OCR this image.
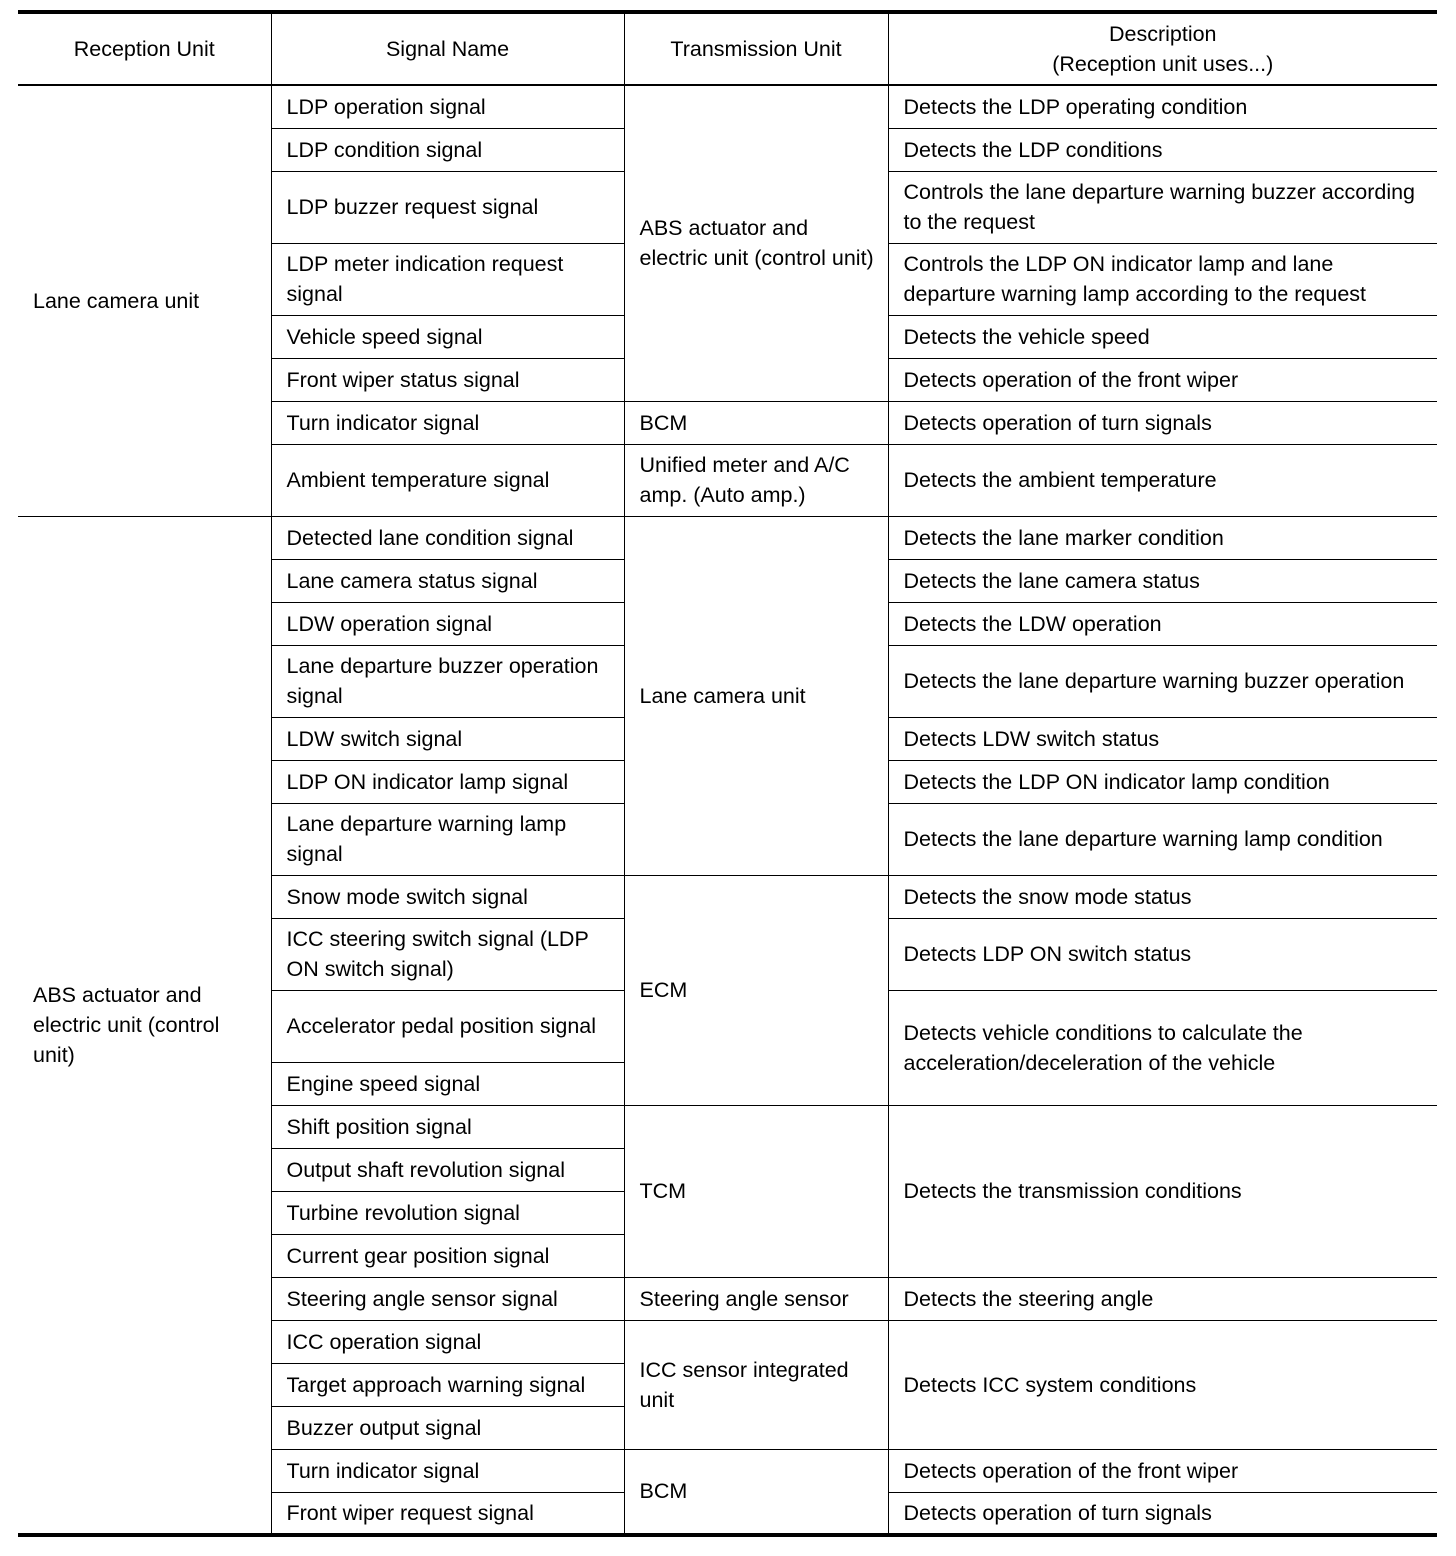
Reception Unit	Signal Name	Transmission Unit	Description
(Reception unit uses...)

Lane camera unit	LDP operation signal	ABS actuator and electric unit (control unit)	Detects the LDP operating condition
	LDP condition signal		Detects the LDP conditions
	LDP buzzer request signal		Controls the lane departure warning buzzer according to the request
	LDP meter indication request signal		Controls the LDP ON indicator lamp and lane departure warning lamp according to the request
	Vehicle speed signal		Detects the vehicle speed
	Front wiper status signal		Detects operation of the front wiper
	Turn indicator signal	BCM	Detects operation of turn signals
	Ambient temperature signal	Unified meter and A/C amp. (Auto amp.)	Detects the ambient temperature
ABS actuator and electric unit (control unit)	Detected lane condition signal	Lane camera unit	Detects the lane marker condition
	Lane camera status signal		Detects the lane camera status
	LDW operation signal		Detects the LDW operation
	Lane departure buzzer operation signal		Detects the lane departure warning buzzer operation
	LDW switch signal		Detects LDW switch status
	LDP ON indicator lamp signal		Detects the LDP ON indicator lamp condition
	Lane departure warning lamp signal		Detects the lane departure warning lamp condition
	Snow mode switch signal	ECM	Detects the snow mode status
	ICC steering switch signal (LDP ON switch signal)		Detects LDP ON switch status
	Accelerator pedal position signal		Detects vehicle conditions to calculate the acceleration/deceleration of the vehicle
	Engine speed signal		
	Shift position signal	TCM	Detects the transmission conditions
	Output shaft revolution signal		
	Turbine revolution signal		
	Current gear position signal		
	Steering angle sensor signal	Steering angle sensor	Detects the steering angle
	ICC operation signal	ICC sensor integrated unit	Detects ICC system conditions
	Target approach warning signal		
	Buzzer output signal		
	Turn indicator signal	BCM	Detects operation of the front wiper
	Front wiper request signal		Detects operation of turn signals
